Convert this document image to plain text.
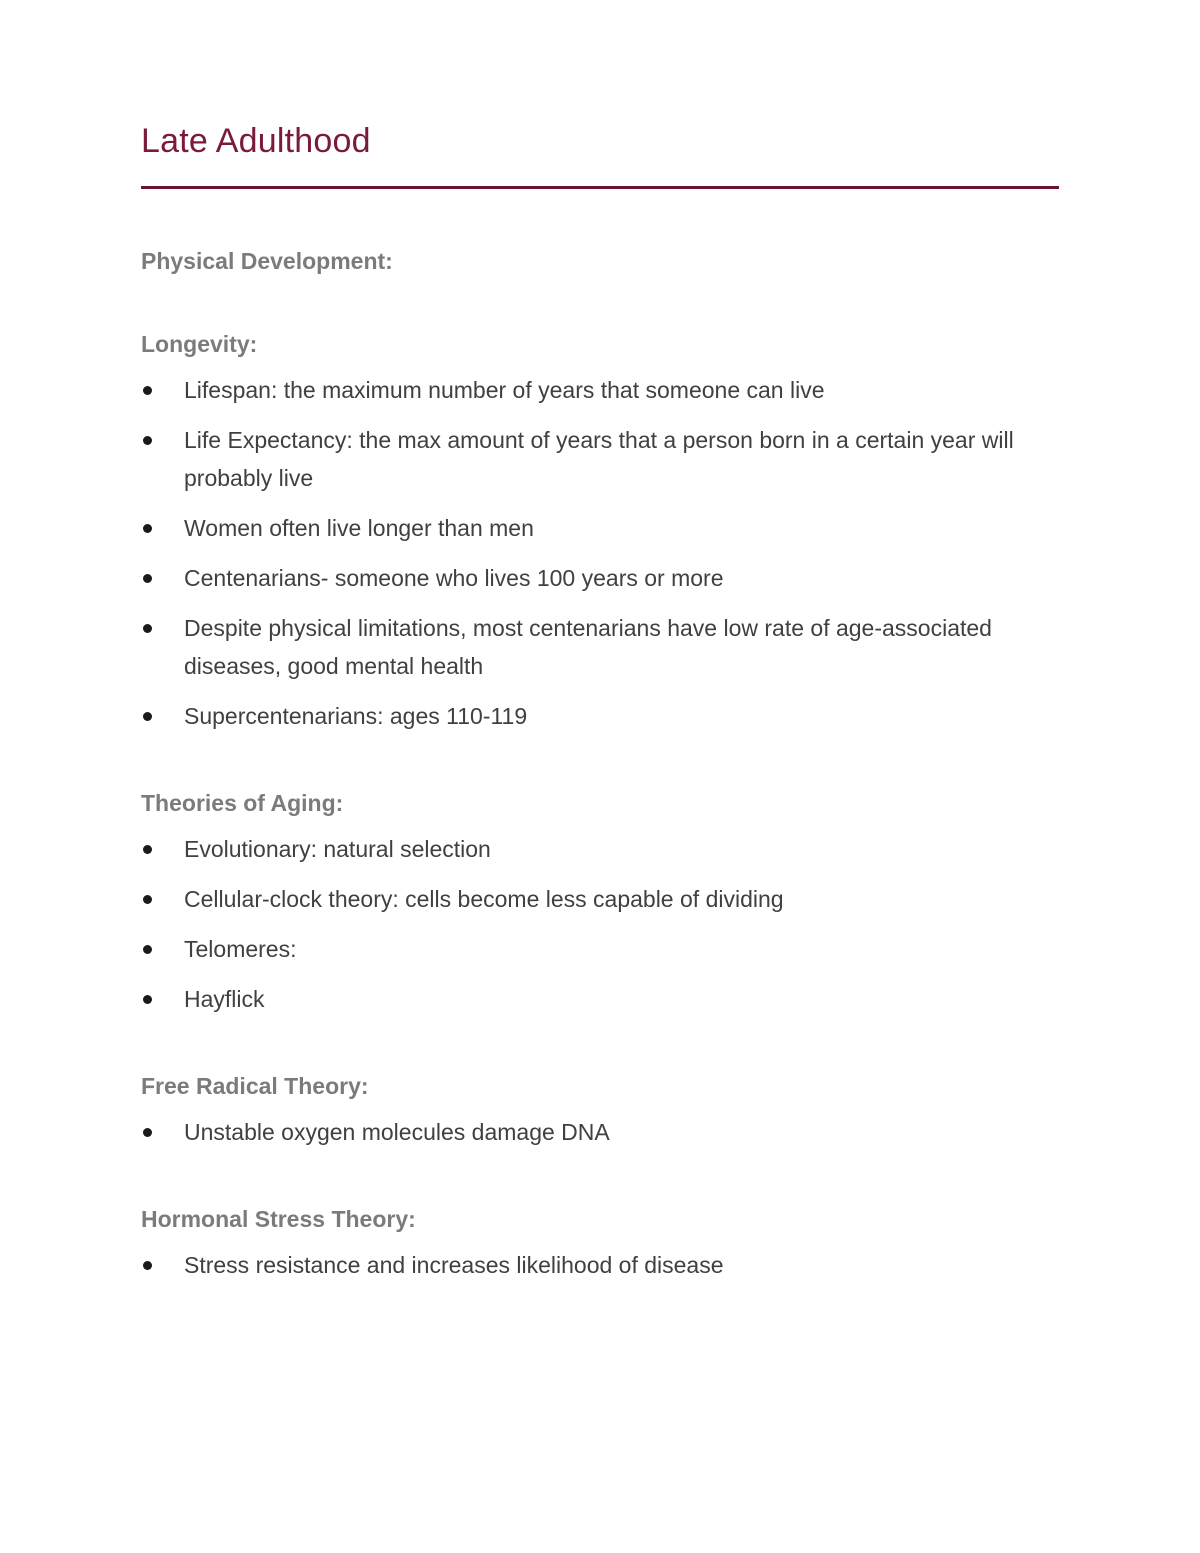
Late Adulthood

Physical Development:

Longevity:

Lifespan: the maximum number of years that someone can live
Life Expectancy: the max amount of years that a person born in a certain year will probably live
Women often live longer than men
Centenarians- someone who lives 100 years or more
Despite physical limitations, most centenarians have low rate of age-associated diseases, good mental health
Supercentenarians: ages 110-119

Theories of Aging:

Evolutionary: natural selection
Cellular-clock theory: cells become less capable of dividing
Telomeres:
Hayflick

Free Radical Theory:

Unstable oxygen molecules damage DNA

Hormonal Stress Theory:

Stress resistance and increases likelihood of disease
